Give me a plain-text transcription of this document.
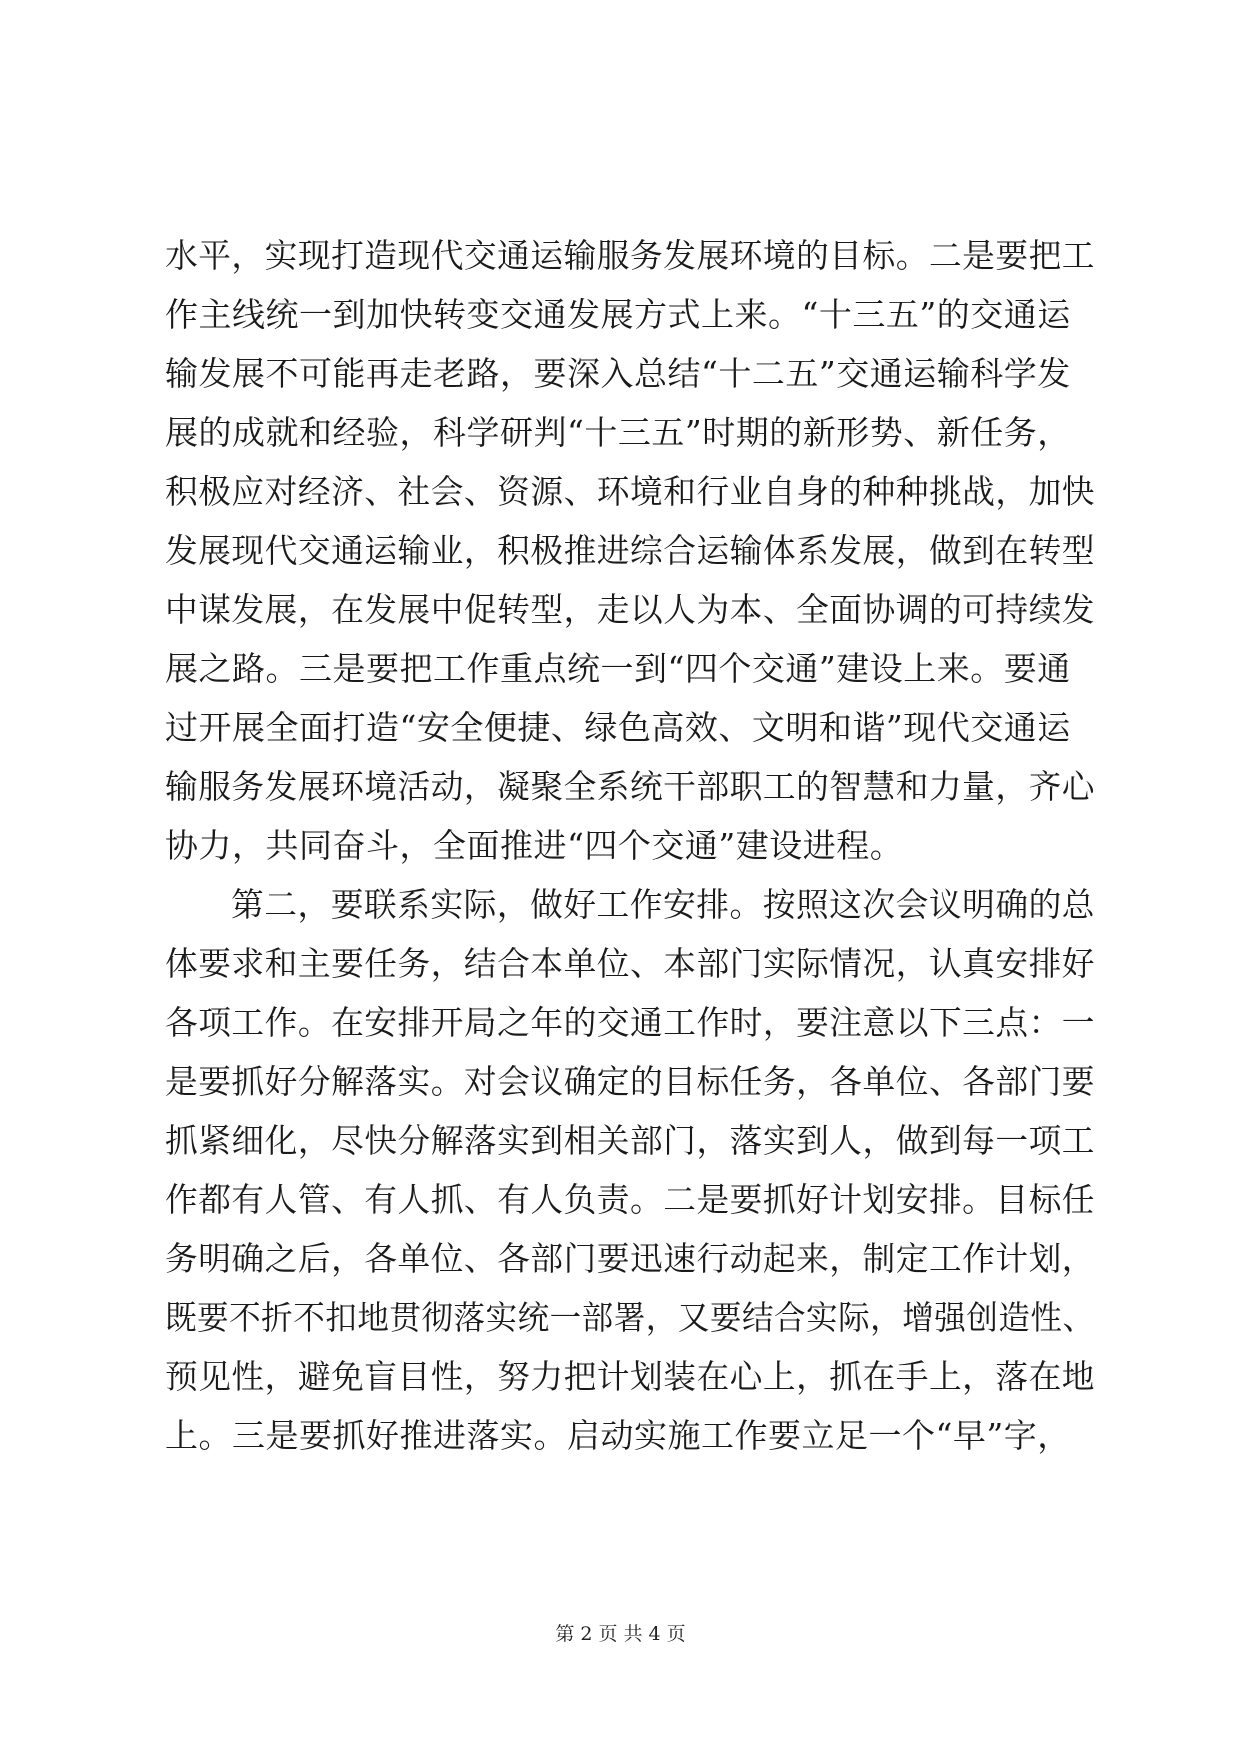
水平，实现打造现代交通运输服务发展环境的目标。二是要把工
作主线统一到加快转变交通发展方式上来。“十三五”的交通运
输发展不可能再走老路，要深入总结“十二五”交通运输科学发
展的成就和经验，科学研判“十三五”时期的新形势、新任务，
积极应对经济、社会、资源、环境和行业自身的种种挑战，加快
发展现代交通运输业，积极推进综合运输体系发展，做到在转型
中谋发展，在发展中促转型，走以人为本、全面协调的可持续发
展之路。三是要把工作重点统一到“四个交通”建设上来。要通
过开展全面打造“安全便捷、绿色高效、文明和谐”现代交通运
输服务发展环境活动，凝聚全系统干部职工的智慧和力量，齐心
协力，共同奋斗，全面推进“四个交通”建设进程。
第二，要联系实际，做好工作安排。按照这次会议明确的总
体要求和主要任务，结合本单位、本部门实际情况，认真安排好
各项工作。在安排开局之年的交通工作时，要注意以下三点：一
是要抓好分解落实。对会议确定的目标任务，各单位、各部门要
抓紧细化，尽快分解落实到相关部门，落实到人，做到每一项工
作都有人管、有人抓、有人负责。二是要抓好计划安排。目标任
务明确之后，各单位、各部门要迅速行动起来，制定工作计划，
既要不折不扣地贯彻落实统一部署，又要结合实际，增强创造性、
预见性，避免盲目性，努力把计划装在心上，抓在手上，落在地
上。三是要抓好推进落实。启动实施工作要立足一个“早”字，
第 2 页 共 4 页
